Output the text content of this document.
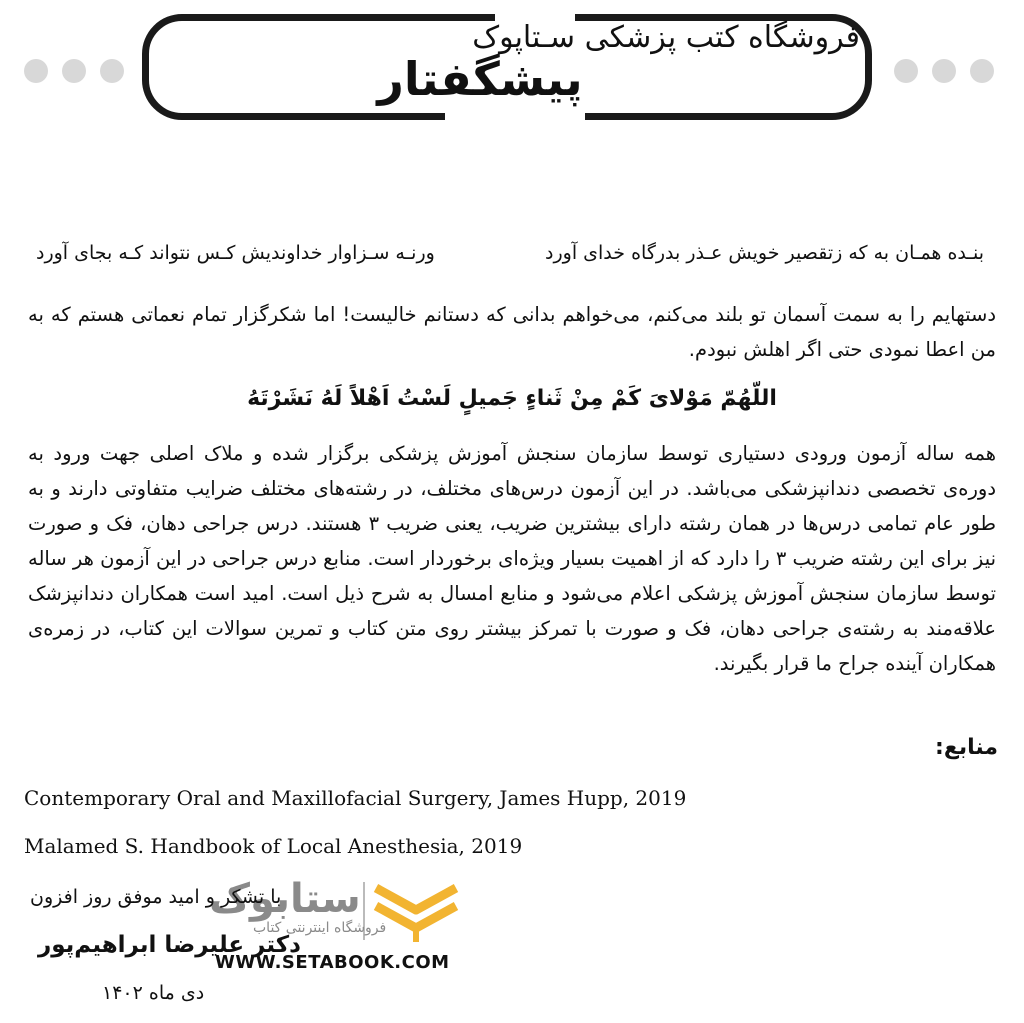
فروشگاه کتب پزشکی سـتاپوک
پیشگفتار
بنـده همـان به که زتقصیر خویش عـذر بدرگاه خدای آورد
ورنـه سـزاوار خداوندیش کـس نتواند کـه بجای آورد
دستهایم را به سمت آسمان تو بلند می‌کنم، می‌خواهم بدانی که دستانم خالیست! اما شکرگزار تمام نعماتی هستم که به من اعطا نمودی حتی اگر اهلش نبودم.
اللّهُمّ مَوْلایَ کَمْ مِنْ ثَناءٍ جَمیلٍ لَسْتُ اَهْلاً لَهُ نَشَرْتَهُ
همه ساله آزمون ورودی دستیاری توسط سازمان سنجش آموزش پزشکی برگزار شده و ملاک اصلی جهت ورود به دوره‌ی تخصصی دندانپزشکی می‌باشد. در این آزمون درس‌های مختلف، در رشته‌های مختلف ضرایب متفاوتی دارند و به طور عام تمامی درس‌ها در همان رشته دارای بیشترین ضریب، یعنی ضریب ۳ هستند. درس جراحی دهان، فک و صورت نیز برای این رشته ضریب ۳ را دارد که از اهمیت بسیار ویژه‌ای برخوردار است. منابع درس جراحی در این آزمون هر ساله توسط سازمان سنجش آموزش پزشکی اعلام می‌شود و منابع امسال به شرح ذیل است. امید است همکاران دندانپزشک علاقه‌مند به رشته‌ی جراحی دهان، فک و صورت با تمرکز بیشتر روی متن کتاب و تمرین سوالات این کتاب، در زمره‌ی همکاران آینده جراح ما قرار بگیرند.
منابع:
Contemporary Oral and Maxillofacial Surgery, James Hupp, 2019
Malamed S. Handbook of Local Anesthesia, 2019
ستابوک
فروشگاه اینترنتی کتاب
WWW.SETABOOK.COM
با تشکر و امید موفق روز افزون
دکتر علیرضا ابراهیم‌پور
دی ماه ۱۴۰۲
